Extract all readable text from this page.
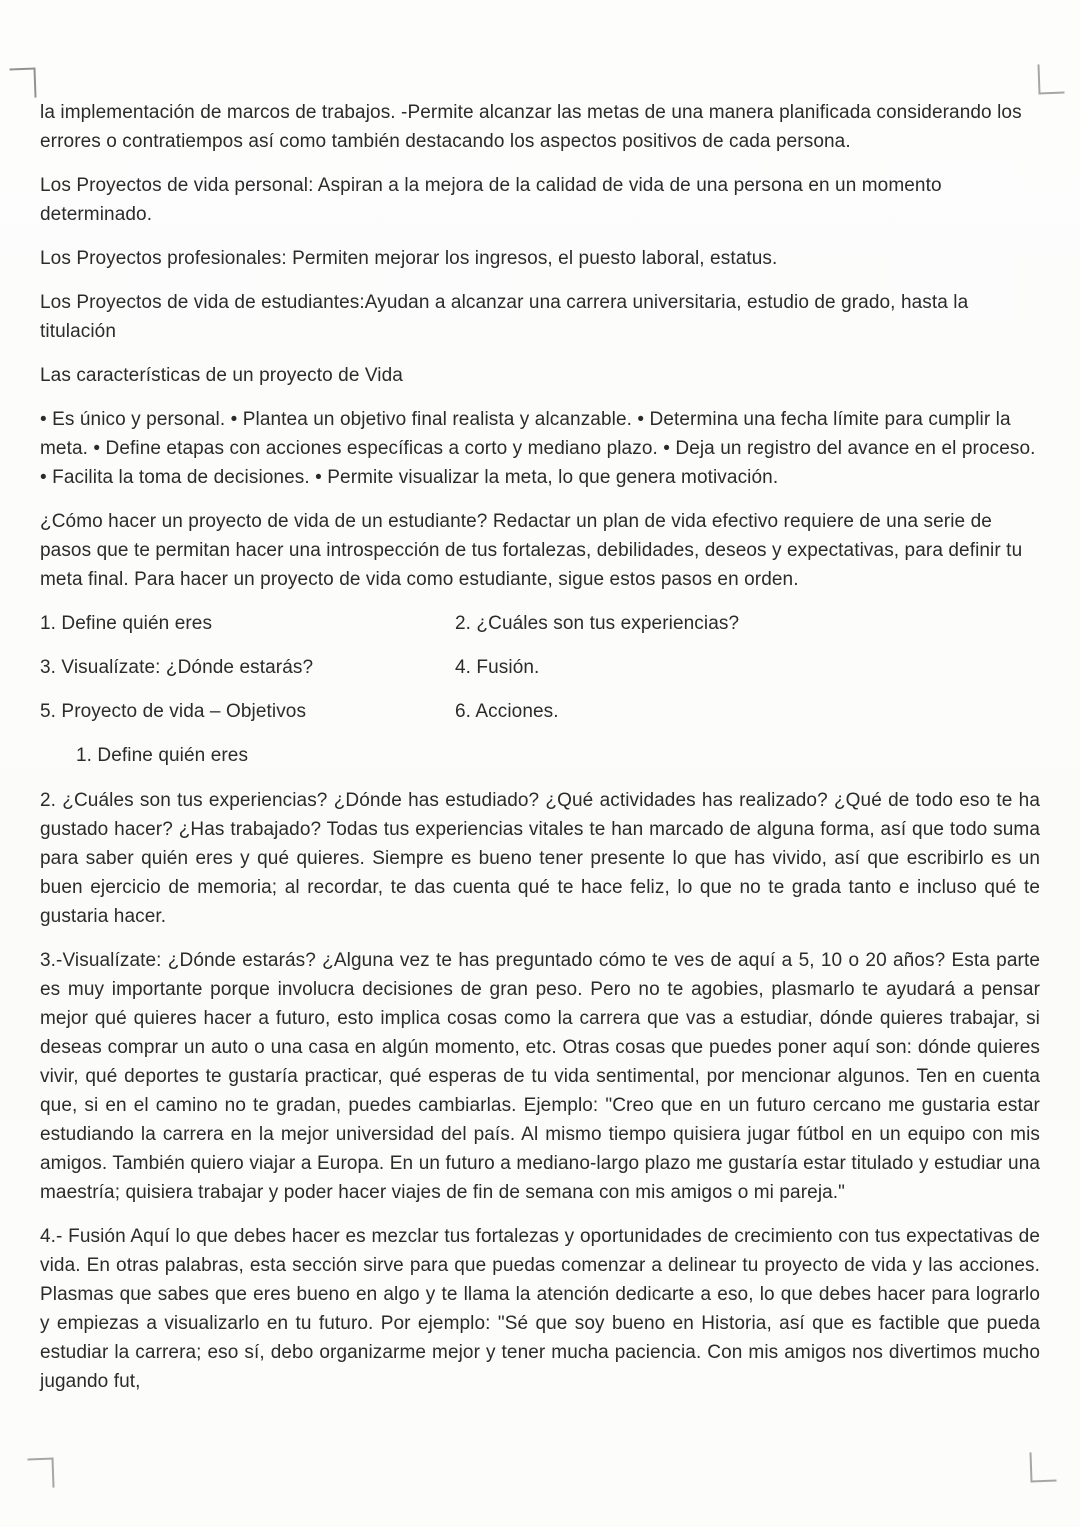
la implementación de marcos de trabajos. -Permite alcanzar las metas de una manera planificada considerando los errores o contratiempos así como también destacando los aspectos positivos de cada persona.

Los Proyectos de vida personal: Aspiran a la mejora de la calidad de vida de una persona en un momento determinado.

Los Proyectos profesionales: Permiten mejorar los ingresos, el puesto laboral, estatus.

Los Proyectos de vida de estudiantes:Ayudan a alcanzar una carrera universitaria, estudio de grado, hasta la titulación

Las características de un proyecto de Vida

• Es único y personal. • Plantea un objetivo final realista y alcanzable. • Determina una fecha límite para cumplir la meta. • Define etapas con acciones específicas a corto y mediano plazo. • Deja un registro del avance en el proceso. • Facilita la toma de decisiones. • Permite visualizar la meta, lo que genera motivación.

¿Cómo hacer un proyecto de vida de un estudiante? Redactar un plan de vida efectivo requiere de una serie de pasos que te permitan hacer una introspección de tus fortalezas, debilidades, deseos y expectativas, para definir tu meta final. Para hacer un proyecto de vida como estudiante, sigue estos pasos en orden.

1. Define quién eres	2. ¿Cuáles son tus experiencias?
3. Visualízate: ¿Dónde estarás?	4. Fusión.
5. Proyecto de vida – Objetivos	6. Acciones.
1. Define quién eres

2. ¿Cuáles son tus experiencias? ¿Dónde has estudiado? ¿Qué actividades has realizado? ¿Qué de todo eso te ha gustado hacer? ¿Has trabajado? Todas tus experiencias vitales te han marcado de alguna forma, así que todo suma para saber quién eres y qué quieres. Siempre es bueno tener presente lo que has vivido, así que escribirlo es un buen ejercicio de memoria; al recordar, te das cuenta qué te hace feliz, lo que no te grada tanto e incluso qué te gustaria hacer.

3.-Visualízate: ¿Dónde estarás? ¿Alguna vez te has preguntado cómo te ves de aquí a 5, 10 o 20 años? Esta parte es muy importante porque involucra decisiones de gran peso. Pero no te agobies, plasmarlo te ayudará a pensar mejor qué quieres hacer a futuro, esto implica cosas como la carrera que vas a estudiar, dónde quieres trabajar, si deseas comprar un auto o una casa en algún momento, etc. Otras cosas que puedes poner aquí son: dónde quieres vivir, qué deportes te gustaría practicar, qué esperas de tu vida sentimental, por mencionar algunos. Ten en cuenta que, si en el camino no te gradan, puedes cambiarlas. Ejemplo: "Creo que en un futuro cercano me gustaria estar estudiando la carrera en la mejor universidad del país. Al mismo tiempo quisiera jugar fútbol en un equipo con mis amigos. También quiero viajar a Europa. En un futuro a mediano-largo plazo me gustaría estar titulado y estudiar una maestría; quisiera trabajar y poder hacer viajes de fin de semana con mis amigos o mi pareja."

4.- Fusión Aquí lo que debes hacer es mezclar tus fortalezas y oportunidades de crecimiento con tus expectativas de vida. En otras palabras, esta sección sirve para que puedas comenzar a delinear tu proyecto de vida y las acciones. Plasmas que sabes que eres bueno en algo y te llama la atención dedicarte a eso, lo que debes hacer para lograrlo y empiezas a visualizarlo en tu futuro. Por ejemplo: "Sé que soy bueno en Historia, así que es factible que pueda estudiar la carrera; eso sí, debo organizarme mejor y tener mucha paciencia. Con mis amigos nos divertimos mucho jugando fut,
